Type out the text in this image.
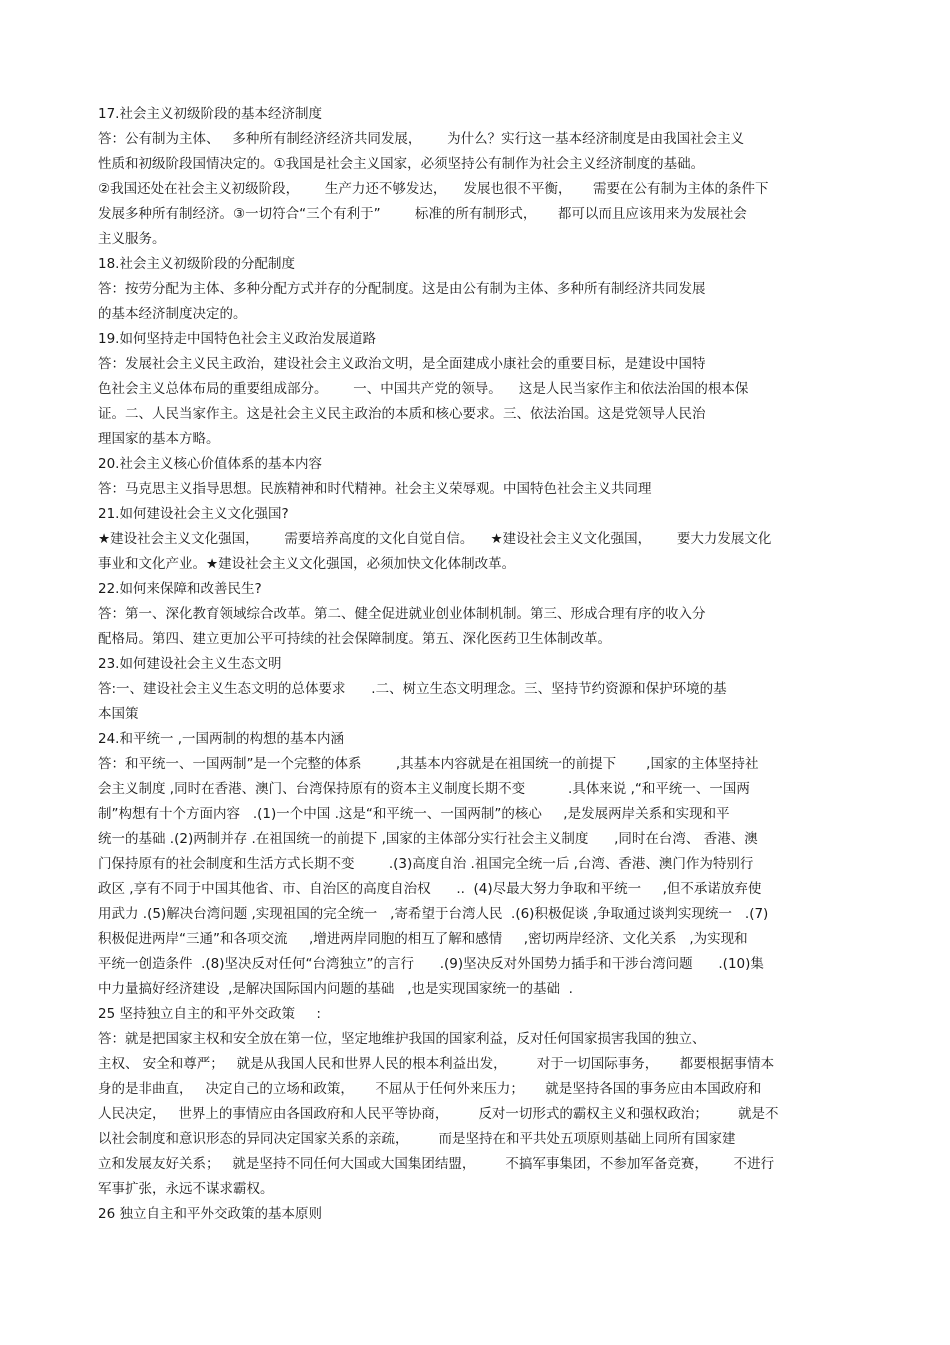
17.社会主义初级阶段的基本经济制度
答：公有制为主体、   多种所有制经济经济共同发展，      为什么？实行这一基本经济制度是由我国社会主义
性质和初级阶段国情决定的。①我国是社会主义国家，必须坚持公有制作为社会主义经济制度的基础。
②我国还处在社会主义初级阶段，      生产力还不够发达，    发展也很不平衡，     需要在公有制为主体的条件下
发展多种所有制经济。③一切符合“三个有利于”        标准的所有制形式，     都可以而且应该用来为发展社会
主义服务。
18.社会主义初级阶段的分配制度
答：按劳分配为主体、多种分配方式并存的分配制度。这是由公有制为主体、多种所有制经济共同发展
的基本经济制度决定的。
19.如何坚持走中国特色社会主义政治发展道路
答：发展社会主义民主政治，建设社会主义政治文明，是全面建成小康社会的重要目标，是建设中国特
色社会主义总体布局的重要组成部分。      一、中国共产党的领导。    这是人民当家作主和依法治国的根本保
证。二、人民当家作主。这是社会主义民主政治的本质和核心要求。三、依法治国。这是党领导人民治
理国家的基本方略。
20.社会主义核心价值体系的基本内容
答：马克思主义指导思想。民族精神和时代精神。社会主义荣辱观。中国特色社会主义共同理
21.如何建设社会主义文化强国?
★建设社会主义文化强国，      需要培养高度的文化自觉自信。    ★建设社会主义文化强国，      要大力发展文化
事业和文化产业。★建设社会主义文化强国，必须加快文化体制改革。
22.如何来保障和改善民生?
答：第一、深化教育领域综合改革。第二、健全促进就业创业体制机制。第三、形成合理有序的收入分
配格局。第四、建立更加公平可持续的社会保障制度。第五、深化医药卫生体制改革。
23.如何建设社会主义生态文明
答:一、建设社会主义生态文明的总体要求      .二、树立生态文明理念。三、坚持节约资源和保护环境的基
本国策
24.和平统一 ,一国两制的构想的基本内涵
答：和平统一、一国两制”是一个完整的体系        ,其基本内容就是在祖国统一的前提下       ,国家的主体坚持社
会主义制度 ,同时在香港、澳门、台湾保持原有的资本主义制度长期不变          .具体来说 ,“和平统一、一国两
制”构想有十个方面内容   .(1)一个中国 .这是“和平统一、一国两制”的核心     ,是发展两岸关系和实现和平
统一的基础 .(2)两制并存 .在祖国统一的前提下 ,国家的主体部分实行社会主义制度      ,同时在台湾、 香港、澳
门保持原有的社会制度和生活方式长期不变        .(3)高度自治 .祖国完全统一后 ,台湾、香港、澳门作为特别行
政区 ,享有不同于中国其他省、市、自治区的高度自治权      ..  (4)尽最大努力争取和平统一     ,但不承诺放弃使
用武力 .(5)解决台湾问题 ,实现祖国的完全统一   ,寄希望于台湾人民  .(6)积极促谈 ,争取通过谈判实现统一   .(7)
积极促进两岸“三通”和各项交流     ,增进两岸同胞的相互了解和感情     ,密切两岸经济、文化关系   ,为实现和
平统一创造条件  .(8)坚决反对任何“台湾独立”的言行      .(9)坚决反对外国势力插手和干涉台湾问题      .(10)集
中力量搞好经济建设  ,是解决国际国内问题的基础   ,也是实现国家统一的基础  .
25 坚持独立自主的和平外交政策     :
答：就是把国家主权和安全放在第一位，坚定地维护我国的国家利益，反对任何国家损害我国的独立、
主权、 安全和尊严；   就是从我国人民和世界人民的根本利益出发，       对于一切国际事务，     都要根据事情本
身的是非曲直，   决定自己的立场和政策，     不屈从于任何外来压力；     就是坚持各国的事务应由本国政府和
人民决定，   世界上的事情应由各国政府和人民平等协商，       反对一切形式的霸权主义和强权政治；       就是不
以社会制度和意识形态的异同决定国家关系的亲疏，       而是坚持在和平共处五项原则基础上同所有国家建
立和发展友好关系；   就是坚持不同任何大国或大国集团结盟，       不搞军事集团，不参加军备竞赛，      不进行
军事扩张，永远不谋求霸权。
26 独立自主和平外交政策的基本原则
